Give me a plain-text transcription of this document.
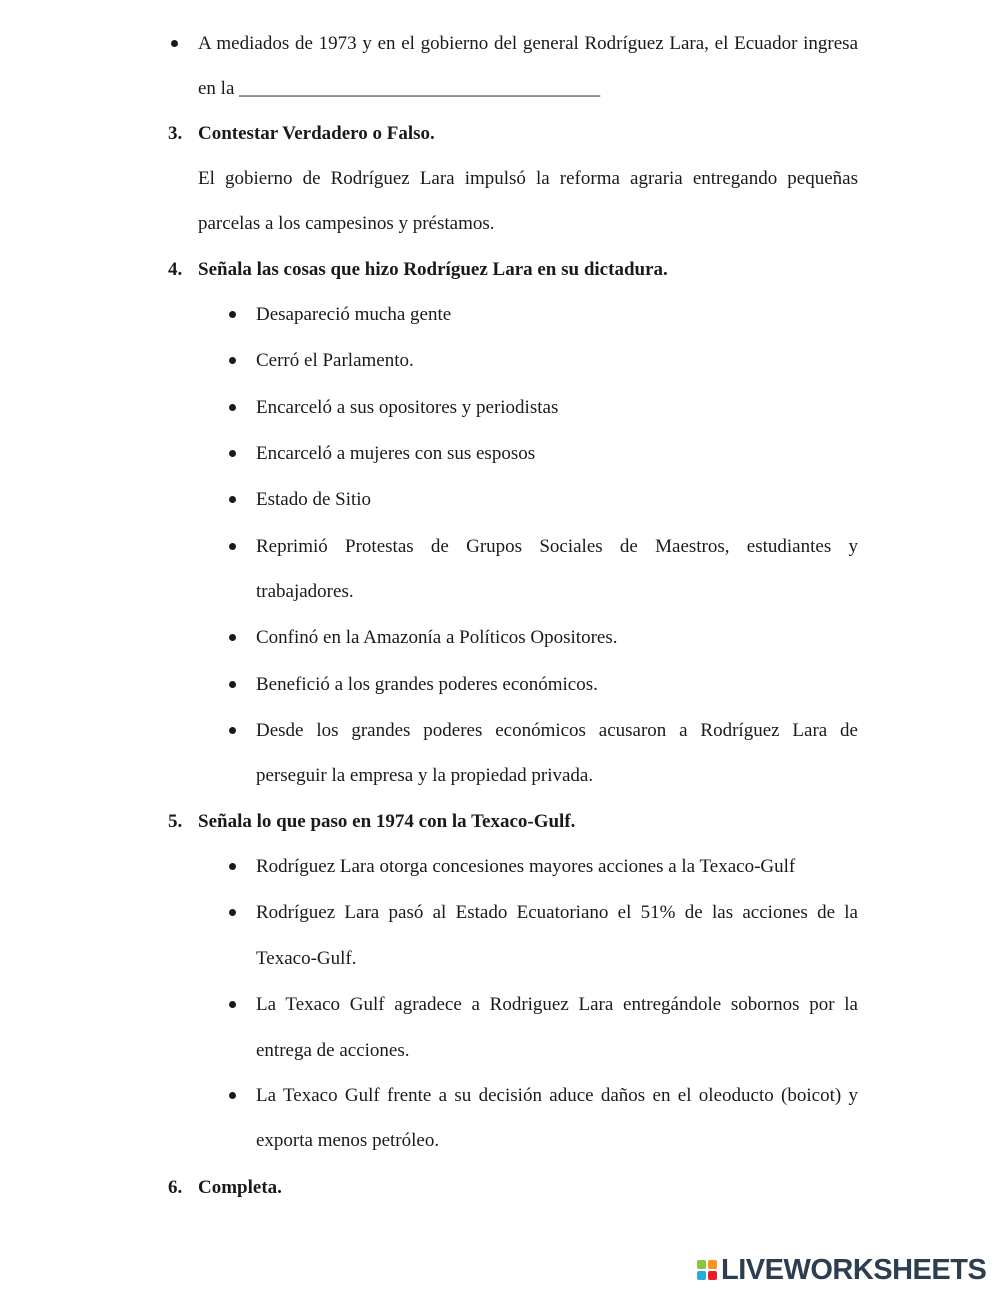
A mediados de 1973 y en el gobierno del general Rodríguez Lara, el Ecuador ingresa
en la ______________________________________
3. Contestar Verdadero o Falso.
El gobierno de Rodríguez Lara impulsó la reforma agraria entregando pequeñas
parcelas a los campesinos y préstamos.
4. Señala las cosas que hizo Rodríguez Lara en su dictadura.
Desapareció mucha gente
Cerró el Parlamento.
Encarceló a sus opositores y periodistas
Encarceló a mujeres con sus esposos
Estado de Sitio
Reprimió Protestas de Grupos Sociales de Maestros, estudiantes y
trabajadores.
Confinó en la Amazonía a Políticos Opositores.
Benefició a los grandes poderes económicos.
Desde los grandes poderes económicos acusaron a Rodríguez Lara de
perseguir la empresa y la propiedad privada.
5. Señala lo que paso en 1974 con la Texaco-Gulf.
Rodríguez Lara otorga concesiones mayores acciones a la Texaco-Gulf
Rodríguez Lara pasó al Estado Ecuatoriano el 51% de las acciones de la
Texaco-Gulf.
La Texaco Gulf agradece a Rodriguez Lara entregándole sobornos por la
entrega de acciones.
La Texaco Gulf frente a su decisión aduce daños en el oleoducto (boicot) y
exporta menos petróleo.
6. Completa.
LIVEWORKSHEETS
